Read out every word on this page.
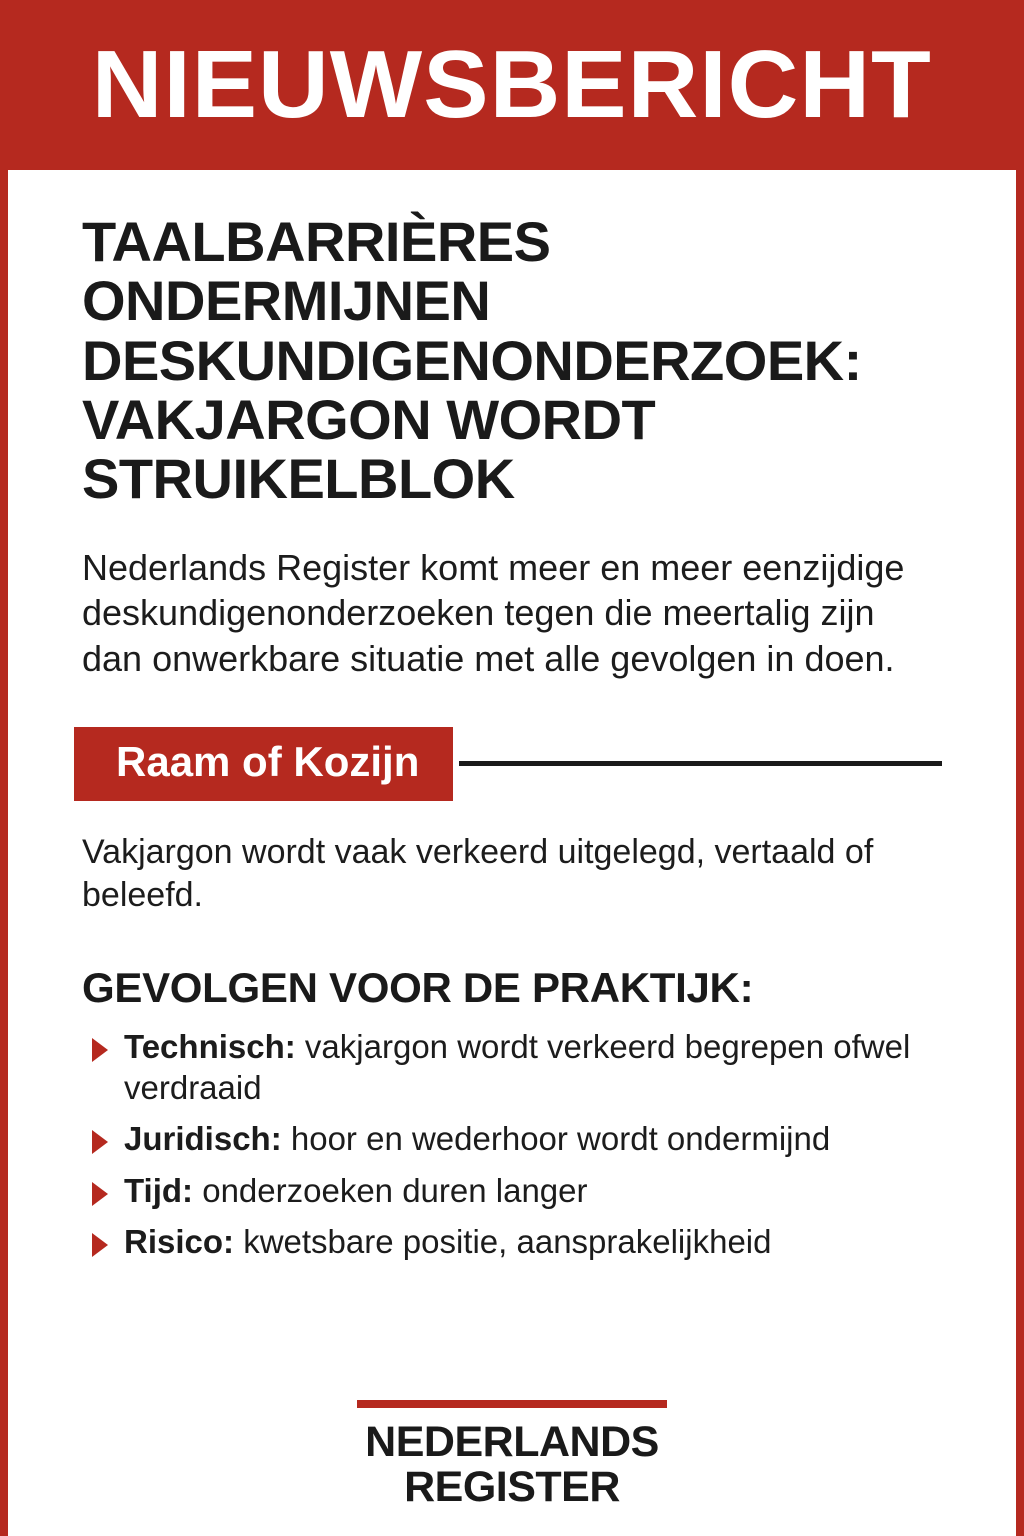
NIEUWSBERICHT
TAALBARRIÈRES ONDERMIJNEN DESKUNDIGENONDERZOEK: VAKJARGON WORDT STRUIKELBLOK

Nederlands Register komt meer en meer eenzijdige deskundigenonderzoeken tegen die meertalig zijn dan onwerkbare situatie met alle gevolgen in doen.

Raam of Kozijn

Vakjargon wordt vaak verkeerd uitgelegd, vertaald of beleefd.

GEVOLGEN VOOR DE PRAKTIJK:
Technisch: vakjargon wordt verkeerd begrepen ofwel verdraaid
Juridisch: hoor en wederhoor wordt ondermijnd
Tijd: onderzoeken duren langer
Risico: kwetsbare positie, aansprakelijkheid
NEDERLANDS
REGISTER
